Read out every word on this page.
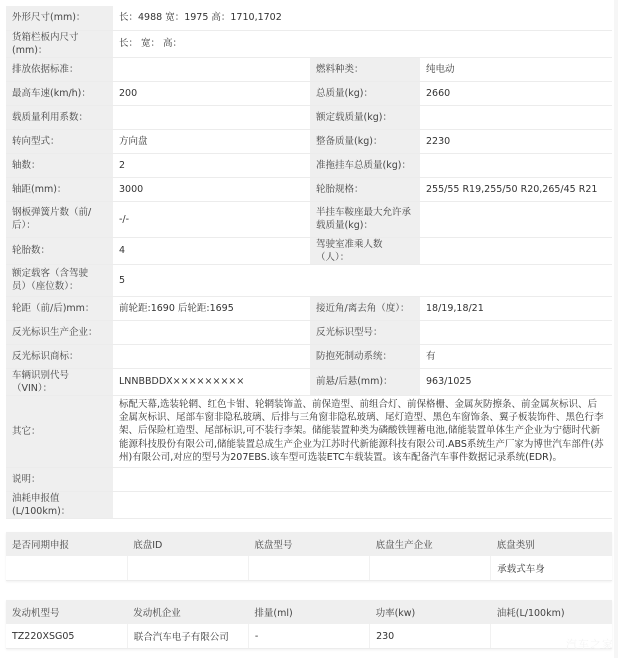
外形尺寸(mm)：	长：4988 宽：1975 高：1710,1702		
货箱栏板内尺寸(mm)：	长： 宽： 高：		
排放依据标准：		燃料种类：	纯电动
最高车速(km/h)：	200	总质量(kg)：	2660
载质量利用系数：		额定载质量(kg)：	
转向型式：	方向盘	整备质量(kg)：	2230
轴数：	2	准拖挂车总质量(kg)：	
轴距(mm)：	3000	轮胎规格：	255/55 R19,255/50 R20,265/45 R21
钢板弹簧片数（前/后）：	-/-	半挂车鞍座最大允许承载质量(kg)：	
轮胎数：	4	驾驶室准乘人数（人）：	
额定载客（含驾驶员）（座位数）：	5		
轮距（前/后)mm：	前轮距:1690 后轮距:1695	接近角/离去角（度）：	18/19,18/21
反光标识生产企业：		反光标识型号：	
反光标识商标：		防抱死制动系统：	有
车辆识别代号（VIN）：	LNNBBDDX×××××××××	前悬/后悬(mm)：	963/1025
其它：	标配天幕,选装轮辋、红色卡钳、轮辋装饰盖、前保造型、前组合灯、前保格栅、金属灰防擦条、前金属灰标识、后金属灰标识、尾部车窗非隐私玻璃、后排与三角窗非隐私玻璃、尾灯造型、黑色车窗饰条、翼子板装饰件、黑色行李架、后保险杠造型、尾部标识,可不装行李架。储能装置种类为磷酸铁锂蓄电池,储能装置单体生产企业为宁德时代新能源科技股份有限公司,储能装置总成生产企业为江苏时代新能源科技有限公司.ABS系统生产厂家为博世汽车部件(苏州)有限公司,对应的型号为207EBS.该车型可选装ETC车载装置。该车配备汽车事件数据记录系统(EDR)。		
说明：			
油耗申报值(L/100km)：			
是否同期申报	底盘ID	底盘型号	底盘生产企业	底盘类别
				承载式车身
发动机型号	发动机企业	排量(ml)	功率(kw)	油耗(L/100km)
TZ220XSG05	联合汽车电子有限公司	-	230	
汽车之家
